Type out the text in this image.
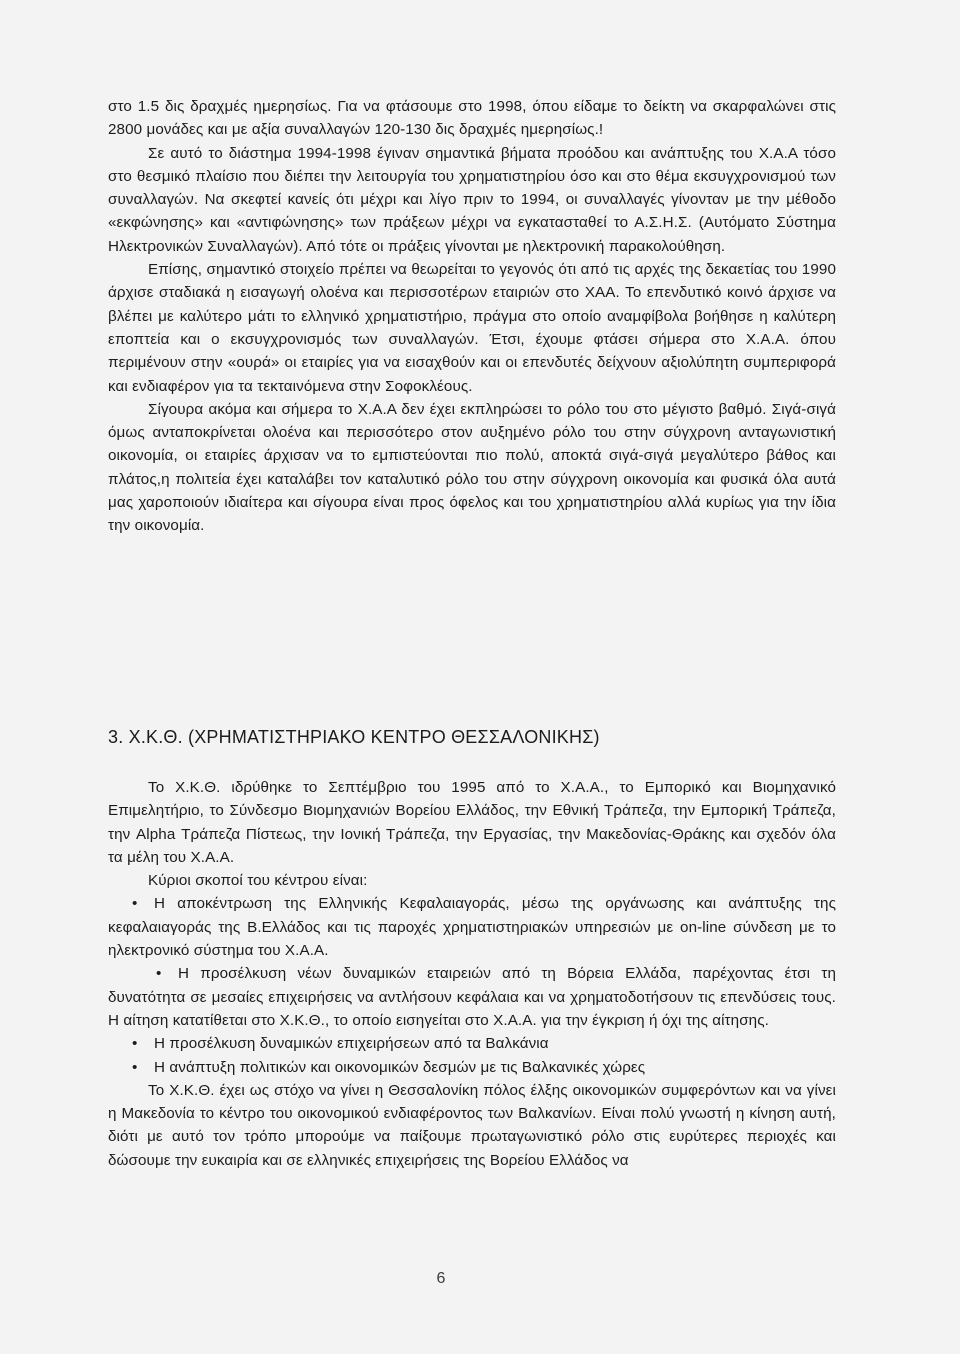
στο 1.5 δις δραχμές ημερησίως. Για να φτάσουμε στο 1998, όπου είδαμε το δείκτη να σκαρφαλώνει στις 2800 μονάδες και με αξία συναλλαγών 120-130 δις δραχμές ημερησίως.!

Σε αυτό το διάστημα 1994-1998 έγιναν σημαντικά βήματα προόδου και ανάπτυξης του Χ.Α.Α τόσο στο θεσμικό πλαίσιο που διέπει την λειτουργία του χρηματιστηρίου όσο και στο θέμα εκσυγχρονισμού των συναλλαγών. Να σκεφτεί κανείς ότι μέχρι και λίγο πριν το 1994, οι συναλλαγές γίνονταν με την μέθοδο «εκφώνησης» και «αντιφώνησης» των πράξεων μέχρι να εγκατασταθεί το Α.Σ.Η.Σ. (Αυτόματο Σύστημα Ηλεκτρονικών Συναλλαγών). Από τότε οι πράξεις γίνονται με ηλεκτρονική παρακολούθηση.

Επίσης, σημαντικό στοιχείο πρέπει να θεωρείται το γεγονός ότι από τις αρχές της δεκαετίας του 1990 άρχισε σταδιακά η εισαγωγή ολοένα και περισσοτέρων εταιριών στο ΧΑΑ. Το επενδυτικό κοινό άρχισε να βλέπει με καλύτερο μάτι το ελληνικό χρηματιστήριο, πράγμα στο οποίο αναμφίβολα βοήθησε η καλύτερη εποπτεία και ο εκσυγχρονισμός των συναλλαγών. Έτσι, έχουμε φτάσει σήμερα στο Χ.Α.Α. όπου περιμένουν στην «ουρά» οι εταιρίες για να εισαχθούν και οι επενδυτές δείχνουν αξιολύπητη συμπεριφορά και ενδιαφέρον για τα τεκταινόμενα στην Σοφοκλέους.

Σίγουρα ακόμα και σήμερα το Χ.Α.Α δεν έχει εκπληρώσει το ρόλο του στο μέγιστο βαθμό. Σιγά-σιγά όμως ανταποκρίνεται ολοένα και περισσότερο στον αυξημένο ρόλο του στην σύγχρονη ανταγωνιστική οικονομία, οι εταιρίες άρχισαν να το εμπιστεύονται πιο πολύ, αποκτά σιγά-σιγά μεγαλύτερο βάθος και πλάτος,η πολιτεία έχει καταλάβει τον καταλυτικό ρόλο του στην σύγχρονη οικονομία και φυσικά όλα αυτά μας χαροποιούν ιδιαίτερα και σίγουρα είναι προς όφελος και του χρηματιστηρίου αλλά κυρίως για την ίδια την οικονομία.

3. Χ.Κ.Θ. (ΧΡΗΜΑΤΙΣΤΗΡΙΑΚΟ ΚΕΝΤΡΟ ΘΕΣΣΑΛΟΝΙΚΗΣ)

Το Χ.Κ.Θ. ιδρύθηκε το Σεπτέμβριο του 1995 από το Χ.Α.Α., το Εμπορικό και Βιομηχανικό Επιμελητήριο, το Σύνδεσμο Βιομηχανιών Βορείου Ελλάδος, την Εθνική Τράπεζα, την Εμπορική Τράπεζα, την Alpha Τράπεζα Πίστεως, την Ιονική Τράπεζα, την Εργασίας, την Μακεδονίας-Θράκης και σχεδόν όλα τα μέλη του Χ.Α.Α.

Κύριοι σκοποί του κέντρου είναι:

• Η αποκέντρωση της Ελληνικής Κεφαλαιαγοράς, μέσω της οργάνωσης και ανάπτυξης της κεφαλαιαγοράς της Β.Ελλάδος και τις παροχές χρηματιστηριακών υπηρεσιών με on-line σύνδεση με το ηλεκτρονικό σύστημα του Χ.Α.Α.

• Η προσέλκυση νέων δυναμικών εταιρειών από τη Βόρεια Ελλάδα, παρέχοντας έτσι τη δυνατότητα σε μεσαίες επιχειρήσεις να αντλήσουν κεφάλαια και να χρηματοδοτήσουν τις επενδύσεις τους. Η αίτηση κατατίθεται στο Χ.Κ.Θ., το οποίο εισηγείται στο Χ.Α.Α. για την έγκριση ή όχι της αίτησης.

• Η προσέλκυση δυναμικών επιχειρήσεων από τα Βαλκάνια

• Η ανάπτυξη πολιτικών και οικονομικών δεσμών με τις Βαλκανικές χώρες

Το Χ.Κ.Θ. έχει ως στόχο να γίνει η Θεσσαλονίκη πόλος έλξης οικονομικών συμφερόντων και να γίνει η Μακεδονία το κέντρο του οικονομικού ενδιαφέροντος των Βαλκανίων. Είναι πολύ γνωστή η κίνηση αυτή, διότι με αυτό τον τρόπο μπορούμε να παίξουμε πρωταγωνιστικό ρόλο στις ευρύτερες περιοχές και δώσουμε την ευκαιρία και σε ελληνικές επιχειρήσεις της Βορείου Ελλάδος να

6
